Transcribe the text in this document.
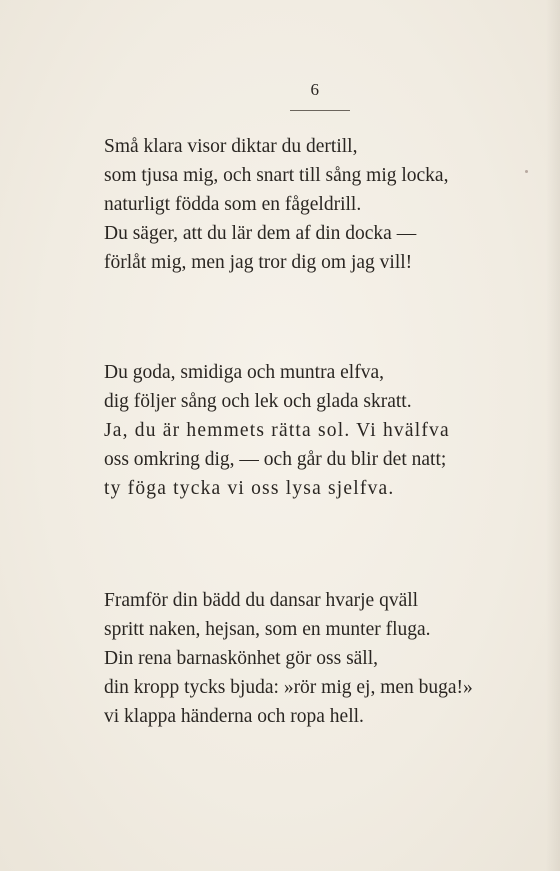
6
Små klara visor diktar du dertill,
som tjusa mig, och snart till sång mig locka,
naturligt födda som en fågeldrill.
Du säger, att du lär dem af din docka —
förlåt mig, men jag tror dig om jag vill!
Du goda, smidiga och muntra elfva,
dig följer sång och lek och glada skratt.
Ja, du är hemmets rätta sol. Vi hvälfva
oss omkring dig, — och går du blir det natt;
ty föga tycka vi oss lysa sjelfva.
Framför din bädd du dansar hvarje qväll
spritt naken, hejsan, som en munter fluga.
Din rena barnaskönhet gör oss säll,
din kropp tycks bjuda: »rör mig ej, men buga!»
vi klappa händerna och ropa hell.
